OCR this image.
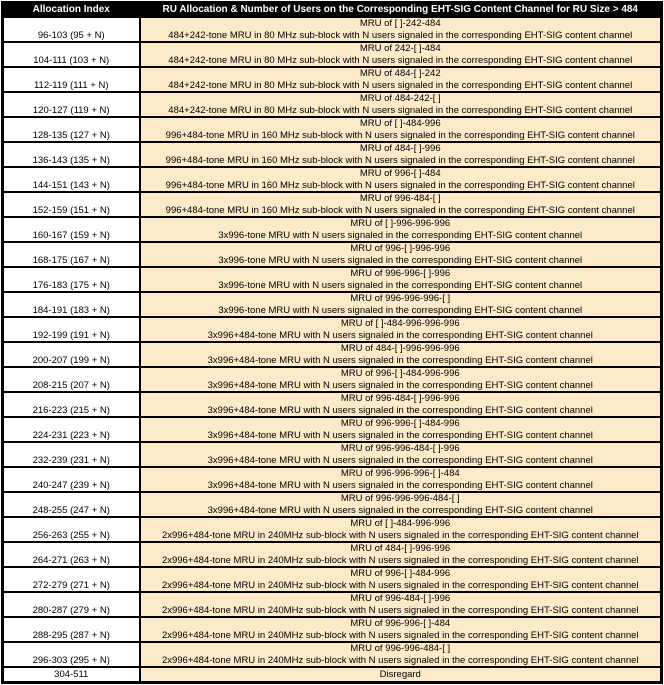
Allocation Index	RU Allocation & Number of Users on the Corresponding EHT-SIG Content Channel for RU Size > 484
96-103 (95 + N)	MRU of [ ]-242-484
484+242-tone MRU in 80 MHz sub-block with N users signaled in the corresponding EHT-SIG content channel

104-111 (103 + N)	MRU of 242-[ ]-484
484+242-tone MRU in 80 MHz sub-block with N users signaled in the corresponding EHT-SIG content channel

112-119 (111 + N)	MRU of 484-[ ]-242
484+242-tone MRU in 80 MHz sub-block with N users signaled in the corresponding EHT-SIG content channel

120-127 (119 + N)	MRU of 484-242-[ ]
484+242-tone MRU in 80 MHz sub-block with N users signaled in the corresponding EHT-SIG content channel

128-135 (127 + N)	MRU of [ ]-484-996
996+484-tone MRU in 160 MHz sub-block with N users signaled in the corresponding EHT-SIG content channel

136-143 (135 + N)	MRU of 484-[ ]-996
996+484-tone MRU in 160 MHz sub-block with N users signaled in the corresponding EHT-SIG content channel

144-151 (143 + N)	MRU of 996-[ ]-484
996+484-tone MRU in 160 MHz sub-block with N users signaled in the corresponding EHT-SIG content channel

152-159 (151 + N)	MRU of 996-484-[ ]
996+484-tone MRU in 160 MHz sub-block with N users signaled in the corresponding EHT-SIG content channel

160-167 (159 + N)	MRU of [ ]-996-996-996
3x996-tone MRU with N users signaled in the corresponding EHT-SIG content channel

168-175 (167 + N)	MRU of 996-[ ]-996-996
3x996-tone MRU with N users signaled in the corresponding EHT-SIG content channel

176-183 (175 + N)	MRU of 996-996-[ ]-996
3x996-tone MRU with N users signaled in the corresponding EHT-SIG content channel

184-191 (183 + N)	MRU of 996-996-996-[ ]
3x996-tone MRU with N users signaled in the corresponding EHT-SIG content channel

192-199 (191 + N)	MRU of [ ]-484-996-996-996
3x996+484-tone MRU with N users signaled in the corresponding EHT-SIG content channel

200-207 (199 + N)	MRU of 484-[ ]-996-996-996
3x996+484-tone MRU with N users signaled in the corresponding EHT-SIG content channel

208-215 (207 + N)	MRU of 996-[ ]-484-996-996
3x996+484-tone MRU with N users signaled in the corresponding EHT-SIG content channel

216-223 (215 + N)	MRU of 996-484-[ ]-996-996
3x996+484-tone MRU with N users signaled in the corresponding EHT-SIG content channel

224-231 (223 + N)	MRU of 996-996-[ ]-484-996
3x996+484-tone MRU with N users signaled in the corresponding EHT-SIG content channel

232-239 (231 + N)	MRU of 996-996-484-[ ]-996
3x996+484-tone MRU with N users signaled in the corresponding EHT-SIG content channel

240-247 (239 + N)	MRU of 996-996-996-[ ]-484
3x996+484-tone MRU with N users signaled in the corresponding EHT-SIG content channel

248-255 (247 + N)	MRU of 996-996-996-484-[ ]
3x996+484-tone MRU with N users signaled in the corresponding EHT-SIG content channel

256-263 (255 + N)	MRU of [ ]-484-996-996
2x996+484-tone MRU in 240MHz sub-block with N users signaled in the corresponding EHT-SIG content channel

264-271 (263 + N)	MRU of 484-[ ]-996-996
2x996+484-tone MRU in 240MHz sub-block with N users signaled in the corresponding EHT-SIG content channel

272-279 (271 + N)	MRU of 996-[ ]-484-996
2x996+484-tone MRU in 240MHz sub-block with N users signaled in the corresponding EHT-SIG content channel

280-287 (279 + N)	MRU of 996-484-[ ]-996
2x996+484-tone MRU in 240MHz sub-block with N users signaled in the corresponding EHT-SIG content channel

288-295 (287 + N)	MRU of 996-996-[ ]-484
2x996+484-tone MRU in 240MHz sub-block with N users signaled in the corresponding EHT-SIG content channel

296-303 (295 + N)	MRU of 996-996-484-[ ]
2x996+484-tone MRU in 240MHz sub-block with N users signaled in the corresponding EHT-SIG content channel

304-511	Disregard
